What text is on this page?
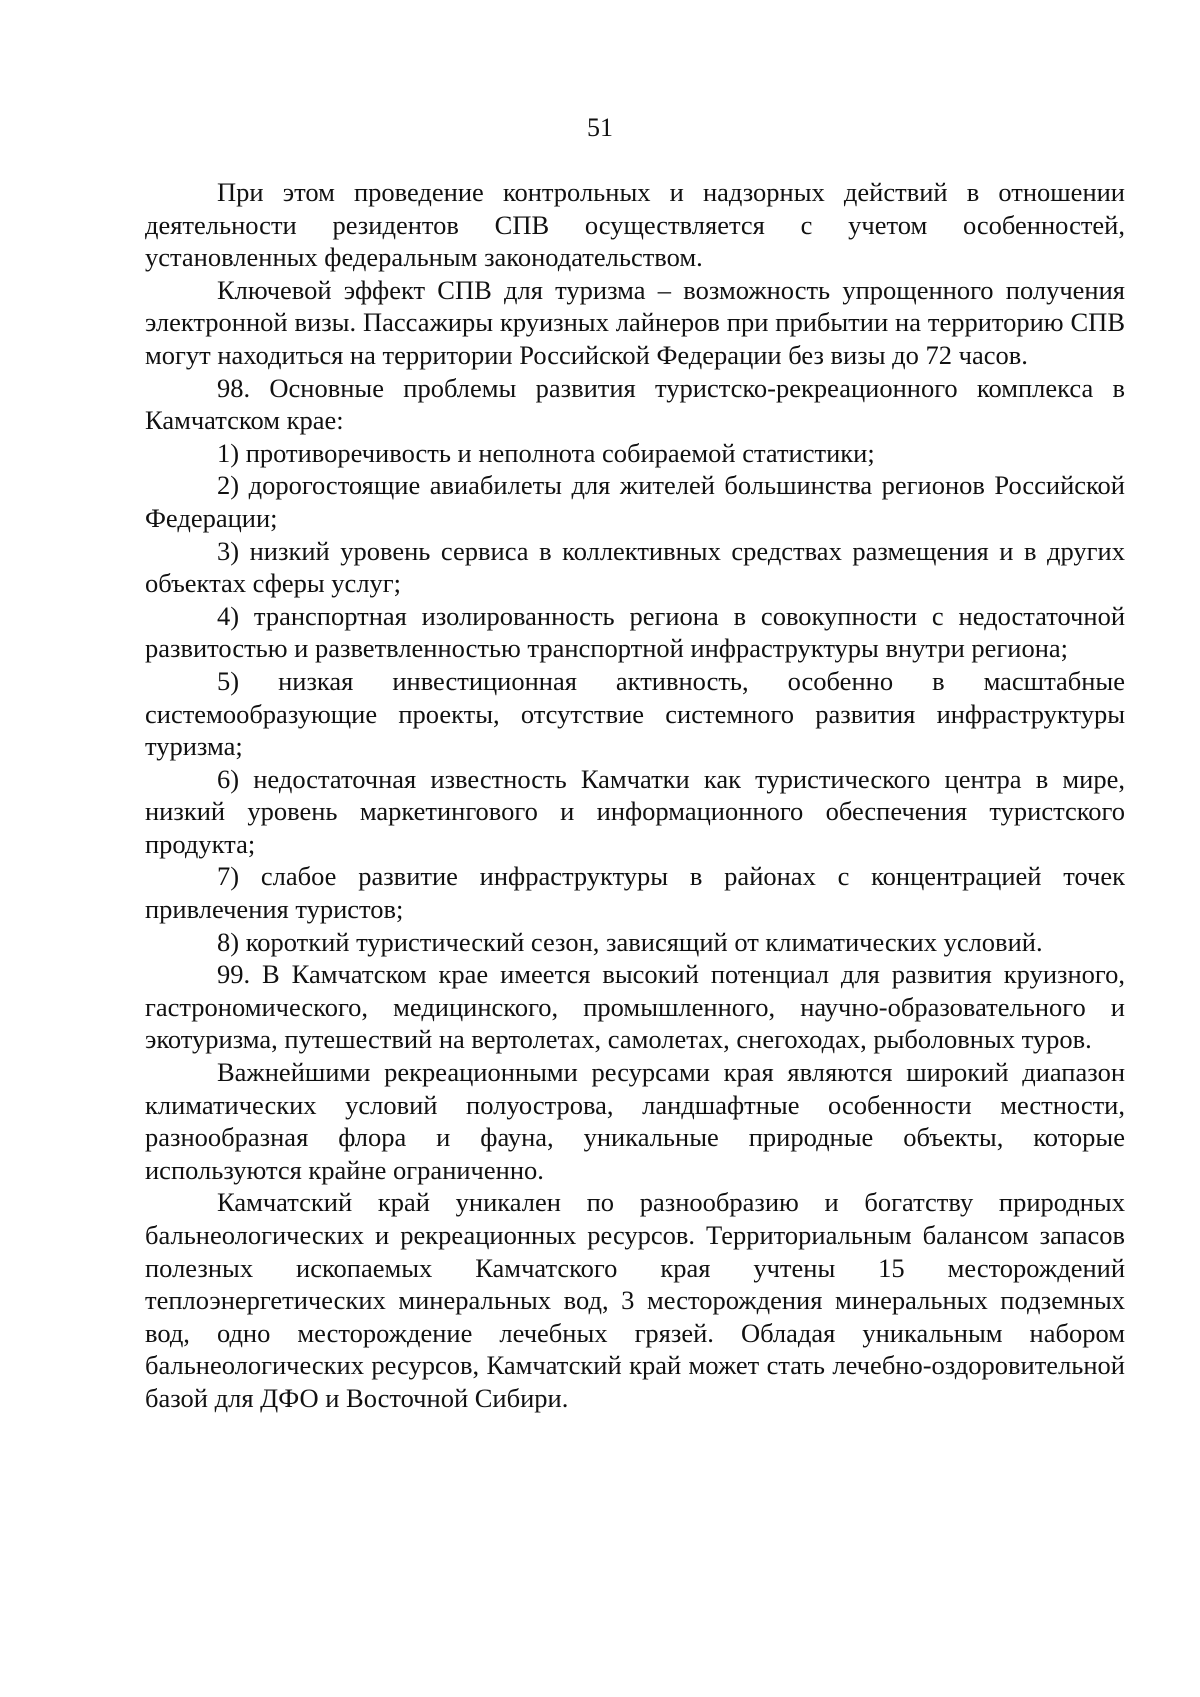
51

При этом проведение контрольных и надзорных действий в отношении деятельности резидентов СПВ осуществляется с учетом особенностей, установленных федеральным законодательством.

Ключевой эффект СПВ для туризма – возможность упрощенного получения электронной визы. Пассажиры круизных лайнеров при прибытии на территорию СПВ могут находиться на территории Российской Федерации без визы до 72 часов.

98. Основные проблемы развития туристско-рекреационного комплекса в Камчатском крае:

1) противоречивость и неполнота собираемой статистики;

2) дорогостоящие авиабилеты для жителей большинства регионов Российской Федерации;

3) низкий уровень сервиса в коллективных средствах размещения и в других объектах сферы услуг;

4) транспортная изолированность региона в совокупности с недостаточной развитостью и разветвленностью транспортной инфраструктуры внутри региона;

5) низкая инвестиционная активность, особенно в масштабные системообразующие проекты, отсутствие системного развития инфраструктуры туризма;

6) недостаточная известность Камчатки как туристического центра в мире, низкий уровень маркетингового и информационного обеспечения туристского продукта;

7) слабое развитие инфраструктуры в районах с концентрацией точек привлечения туристов;

8) короткий туристический сезон, зависящий от климатических условий.

99. В Камчатском крае имеется высокий потенциал для развития круизного, гастрономического, медицинского, промышленного, научно-образовательного и экотуризма, путешествий на вертолетах, самолетах, снегоходах, рыболовных туров.

Важнейшими рекреационными ресурсами края являются широкий диапазон климатических условий полуострова, ландшафтные особенности местности, разнообразная флора и фауна, уникальные природные объекты, которые используются крайне ограниченно.

Камчатский край уникален по разнообразию и богатству природных бальнеологических и рекреационных ресурсов. Территориальным балансом запасов полезных ископаемых Камчатского края учтены 15 месторождений теплоэнергетических минеральных вод, 3 месторождения минеральных подземных вод, одно месторождение лечебных грязей. Обладая уникальным набором бальнеологических ресурсов, Камчатский край может стать лечебно-оздоровительной базой для ДФО и Восточной Сибири.
